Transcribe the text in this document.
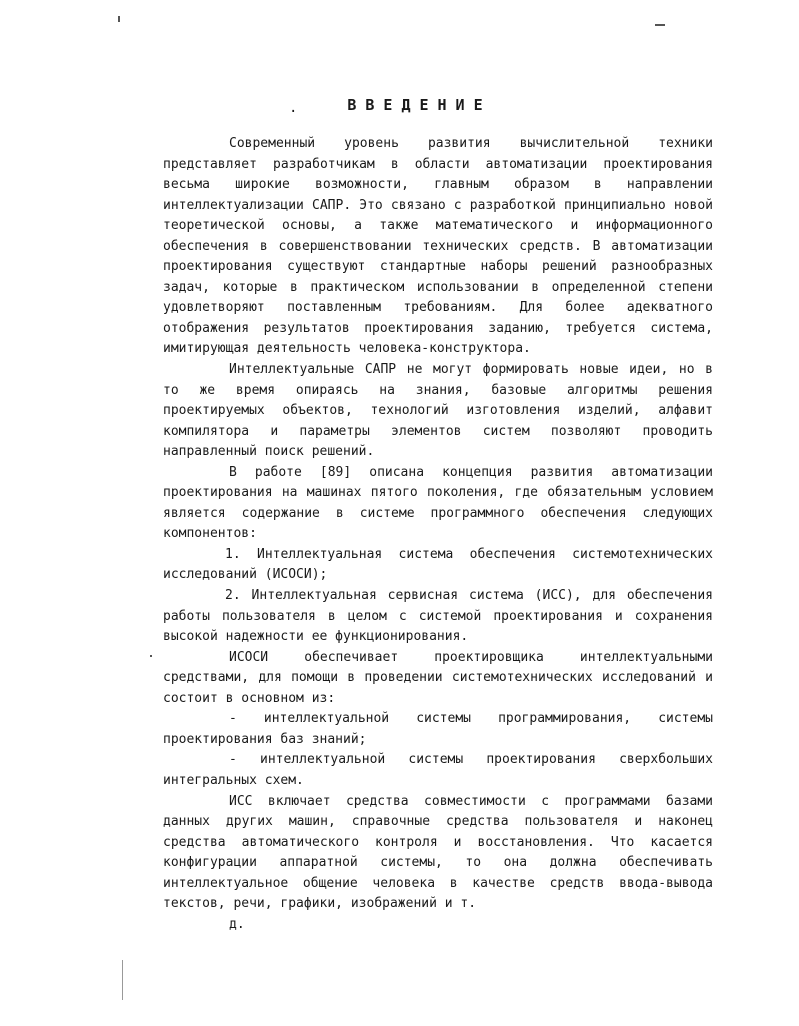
.	ВВЕДЕНИЕ

Современный уровень развития вычислительной техники представляет разработчикам в области автоматизации проектирования весьма широкие возможности, главным образом в направлении интеллектуализации САПР. Это связано с разработкой принципиально новой теоретической основы, а также математического и информационного обеспечения в совершенствовании технических средств. В автоматизации проектирования существуют стандартные наборы решений разнообразных задач, которые в практическом использовании в определенной степени удовлетворяют поставленным требованиям. Для более адекватного отображения результатов проектирования заданию, требуется система, имитирующая деятельность человека-конструктора.

Интеллектуальные САПР не могут формировать новые идеи, но в то же время опираясь на знания, базовые алгоритмы решения проектируемых объектов, технологий изготовления изделий, алфавит компилятора и параметры элементов систем позволяют проводить направленный поиск решений.

В работе [89] описана концепция развития автоматизации проектирования на машинах пятого поколения, где обязательным условием является содержание в системе программного обеспечения следующих компонентов:

1. Интеллектуальная система обеспечения системотехнических исследований (ИСОСИ);

2. Интеллектуальная сервисная система (ИСС), для обеспечения работы пользователя в целом с системой проектирования и сохранения высокой надежности ее функционирования.

ИСОСИ обеспечивает проектировщика интеллектуальными средствами, для помощи в проведении системотехнических исследований и состоит в основном из:

- интеллектуальной системы программирования, системы проектирования баз знаний;

- интеллектуальной системы проектирования сверхбольших интегральных схем.

ИСС включает средства совместимости с программами базами данных других машин, справочные средства пользователя и наконец средства автоматического контроля и восстановления. Что касается конфигурации аппаратной системы, то она должна обеспечивать интеллектуальное общение человека в качестве средств ввода-вывода текстов, речи, графики, изображений и т.

д.
